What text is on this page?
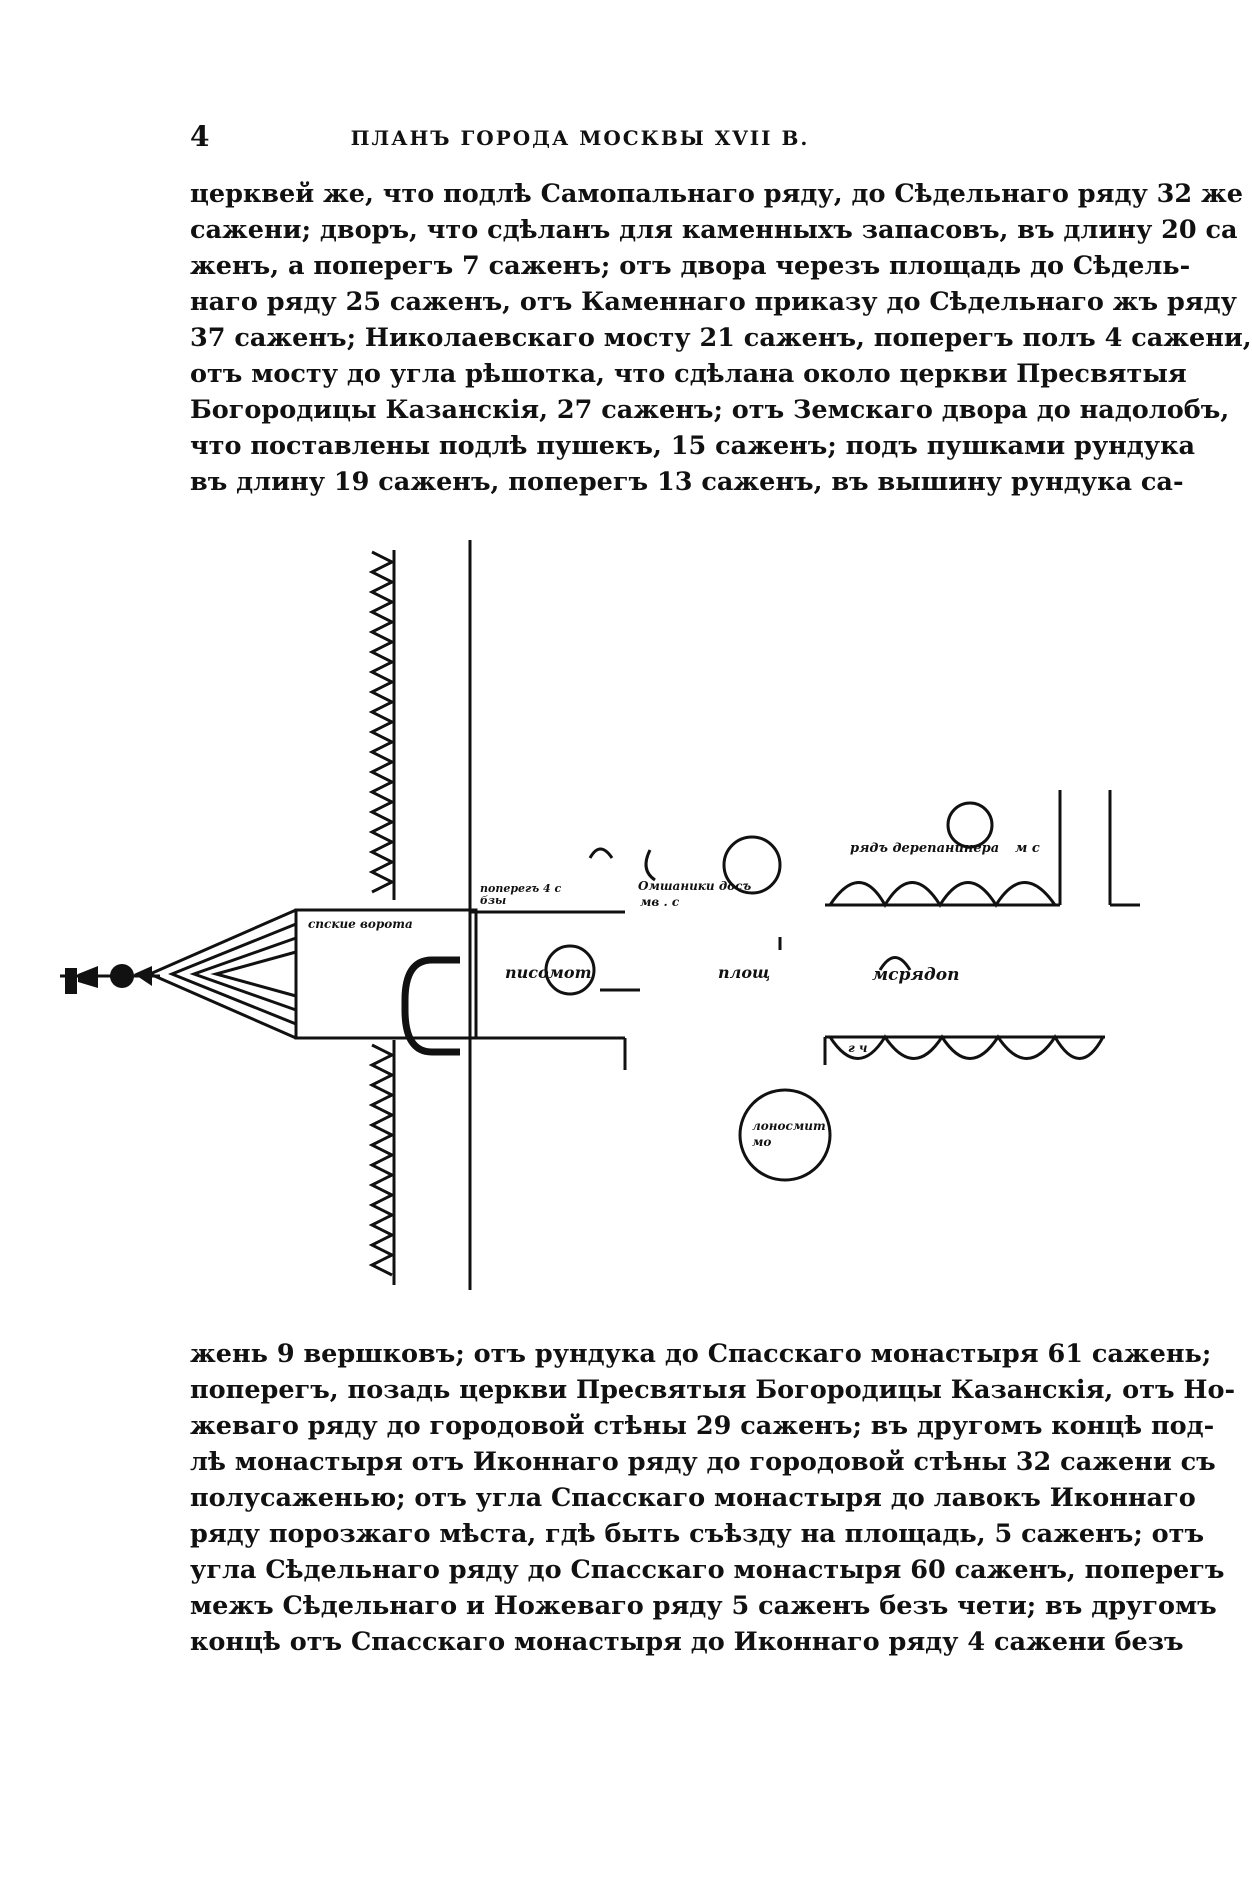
4	ПЛАНЪ ГОРОДА МОСКВЫ XVII В.
церквей же, что подлѣ Самопальнаго ряду, до Сѣдельнаго ряду 32 же
сажени; дворъ, что сдѣланъ для каменныхъ запасовъ, въ длину 20 са
женъ, а поперегъ 7 саженъ; отъ двора черезъ площадь до Сѣдель-
наго ряду 25 саженъ, отъ Каменнаго приказу до Сѣдельнаго жъ ряду
37 саженъ; Николаевскаго мосту 21 саженъ, поперегъ полъ 4 сажени,
отъ мосту до угла рѣшотка, что сдѣлана около церкви Пресвятыя
Богородицы Казанскія, 27 саженъ; отъ Земскаго двора до надолобъ,
что поставлены подлѣ пушекъ, 15 саженъ; подъ пушками рундука
въ длину 19 саженъ, поперегъ 13 саженъ, въ вышину рундука са-
спские ворота
поперегъ 4 с
бзы
Омшаники досъ
мв . с
писомот	площ	мсрядоп
рядъ дерепанинера м с
г ч
лоносмит
мо
жень 9 вершковъ; отъ рундука до Спасскаго монастыря 61 сажень;
поперегъ, позадь церкви Пресвятыя Богородицы Казанскія, отъ Но-
жеваго ряду до городовой стѣны 29 саженъ; въ другомъ концѣ под-
лѣ монастыря отъ Иконнаго ряду до городовой стѣны 32 сажени съ
полусаженью; отъ угла Спасскаго монастыря до лавокъ Иконнаго
ряду порозжаго мѣста, гдѣ быть съѣзду на площадь, 5 саженъ; отъ
угла Сѣдельнаго ряду до Спасскаго монастыря 60 саженъ, поперегъ
межъ Сѣдельнаго и Ножеваго ряду 5 саженъ безъ чети; въ другомъ
концѣ отъ Спасскаго монастыря до Иконнаго ряду 4 сажени безъ
